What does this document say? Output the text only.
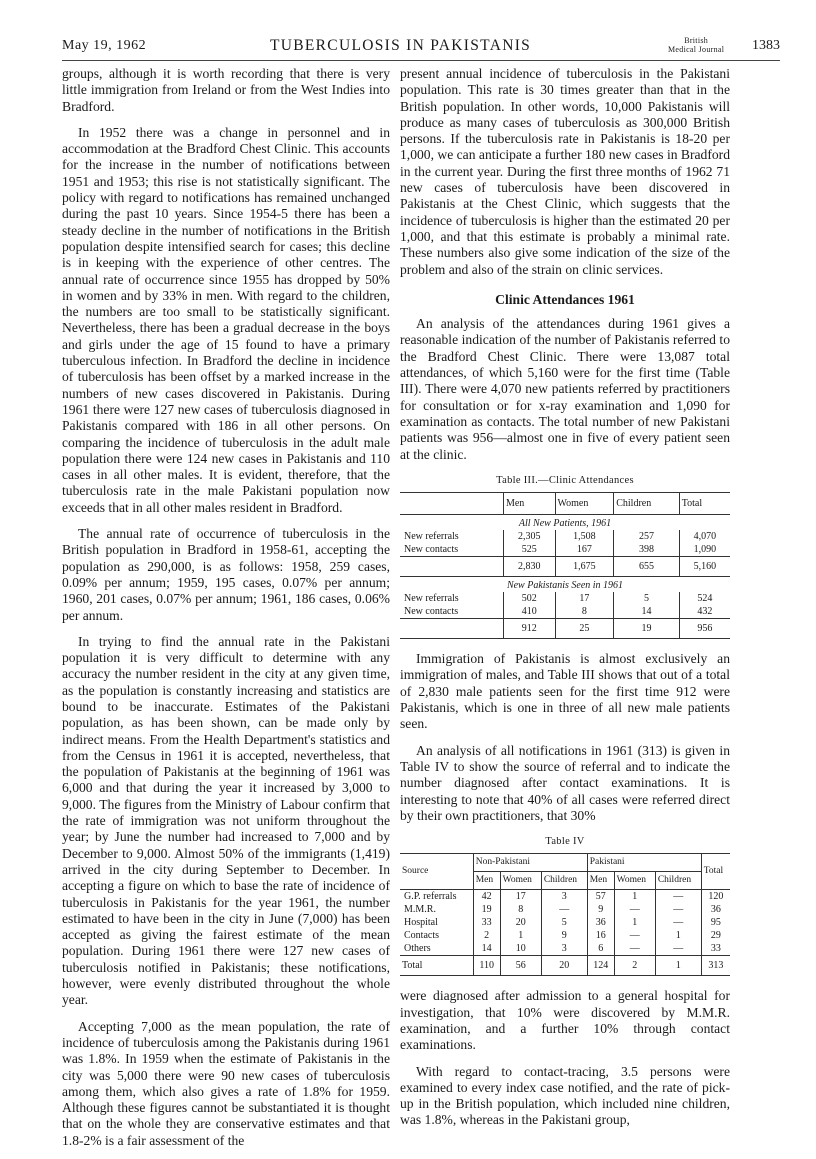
May 19, 1962	TUBERCULOSIS IN PAKISTANIS	British
Medical Journal 1383

groups, although it is worth recording that there is very little immigration from Ireland or from the West Indies into Bradford.

In 1952 there was a change in personnel and in accommodation at the Bradford Chest Clinic. This accounts for the increase in the number of notifications between 1951 and 1953; this rise is not statistically significant. The policy with regard to notifications has remained unchanged during the past 10 years. Since 1954-5 there has been a steady decline in the number of notifications in the British population despite intensified search for cases; this decline is in keeping with the experience of other centres. The annual rate of occurrence since 1955 has dropped by 50% in women and by 33% in men. With regard to the children, the numbers are too small to be statistically significant. Nevertheless, there has been a gradual decrease in the boys and girls under the age of 15 found to have a primary tuberculous infection. In Bradford the decline in incidence of tuberculosis has been offset by a marked increase in the numbers of new cases discovered in Pakistanis. During 1961 there were 127 new cases of tuberculosis diagnosed in Pakistanis compared with 186 in all other persons. On comparing the incidence of tuberculosis in the adult male population there were 124 new cases in Pakistanis and 110 cases in all other males. It is evident, therefore, that the tuberculosis rate in the male Pakistani population now exceeds that in all other males resident in Bradford.

The annual rate of occurrence of tuberculosis in the British population in Bradford in 1958-61, accepting the population as 290,000, is as follows: 1958, 259 cases, 0.09% per annum; 1959, 195 cases, 0.07% per annum; 1960, 201 cases, 0.07% per annum; 1961, 186 cases, 0.06% per annum.

In trying to find the annual rate in the Pakistani population it is very difficult to determine with any accuracy the number resident in the city at any given time, as the population is constantly increasing and statistics are bound to be inaccurate. Estimates of the Pakistani population, as has been shown, can be made only by indirect means. From the Health Department's statistics and from the Census in 1961 it is accepted, nevertheless, that the population of Pakistanis at the beginning of 1961 was 6,000 and that during the year it increased by 3,000 to 9,000. The figures from the Ministry of Labour confirm that the rate of immigration was not uniform throughout the year; by June the number had increased to 7,000 and by December to 9,000. Almost 50% of the immigrants (1,419) arrived in the city during September to December. In accepting a figure on which to base the rate of incidence of tuberculosis in Pakistanis for the year 1961, the number estimated to have been in the city in June (7,000) has been accepted as giving the fairest estimate of the mean population. During 1961 there were 127 new cases of tuberculosis notified in Pakistanis; these notifications, however, were evenly distributed throughout the whole year.

Accepting 7,000 as the mean population, the rate of incidence of tuberculosis among the Pakistanis during 1961 was 1.8%. In 1959 when the estimate of Pakistanis in the city was 5,000 there were 90 new cases of tuberculosis among them, which also gives a rate of 1.8% for 1959. Although these figures cannot be substantiated it is thought that on the whole they are conservative estimates and that 1.8-2% is a fair assessment of the

present annual incidence of tuberculosis in the Pakistani population. This rate is 30 times greater than that in the British population. In other words, 10,000 Pakistanis will produce as many cases of tuberculosis as 300,000 British persons. If the tuberculosis rate in Pakistanis is 18-20 per 1,000, we can anticipate a further 180 new cases in Bradford in the current year. During the first three months of 1962 71 new cases of tuberculosis have been discovered in Pakistanis at the Chest Clinic, which suggests that the incidence of tuberculosis is higher than the estimated 20 per 1,000, and that this estimate is probably a minimal rate. These numbers also give some indication of the size of the problem and also of the strain on clinic services.

Clinic Attendances 1961

An analysis of the attendances during 1961 gives a reasonable indication of the number of Pakistanis referred to the Bradford Chest Clinic. There were 13,087 total attendances, of which 5,160 were for the first time (Table III). There were 4,070 new patients referred by practitioners for consultation or for x-ray examination and 1,090 for examination as contacts. The total number of new Pakistani patients was 956—almost one in five of every patient seen at the clinic.

Table III.—Clinic Attendances
	Men	Women	Children	Total
All New Patients, 1961				
New referrals	2,305	1,508	257	4,070
New contacts	525	167	398	1,090
	2,830	1,675	655	5,160
New Pakistanis Seen in 1961				
New referrals	502	17	5	524
New contacts	410	8	14	432
	912	25	19	956

Immigration of Pakistanis is almost exclusively an immigration of males, and Table III shows that out of a total of 2,830 male patients seen for the first time 912 were Pakistanis, which is one in three of all new male patients seen.

An analysis of all notifications in 1961 (313) is given in Table IV to show the source of referral and to indicate the number diagnosed after contact examinations. It is interesting to note that 40% of all cases were referred direct by their own practitioners, that 30%

Table IV
Source	Non-Pakistani			Pakistani			Total
	Men	Women	Children	Men	Women	Children	
G.P. referrals	42	17	3	57	1	—	120
M.M.R.	19	8	—	9	—	—	36
Hospital	33	20	5	36	1	—	95
Contacts	2	1	9	16	—	1	29
Others	14	10	3	6	—	—	33
Total	110	56	20	124	2	1	313

were diagnosed after admission to a general hospital for investigation, that 10% were discovered by M.M.R. examination, and a further 10% through contact examinations.

With regard to contact-tracing, 3.5 persons were examined to every index case notified, and the rate of pick-up in the British population, which included nine children, was 1.8%, whereas in the Pakistani group,
